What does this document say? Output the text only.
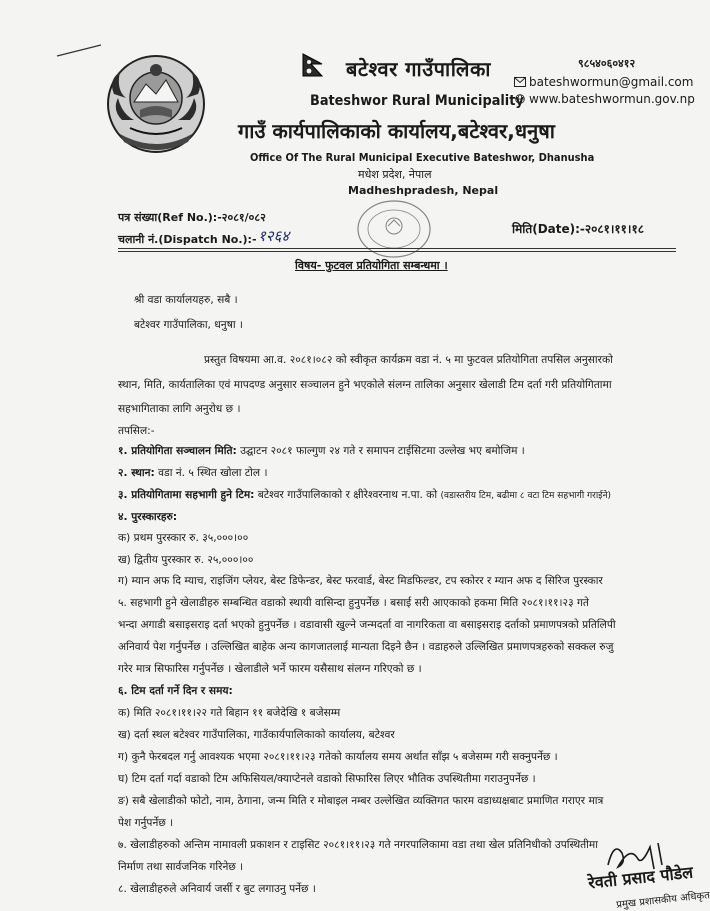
बटेश्वर गाउँपालिका
Bateshwor Rural Municipality
गाउँ कार्यपालिकाको कार्यालय,बटेश्वर,धनुषा
Office Of The Rural Municipal Executive Bateshwor, Dhanusha
मधेश प्रदेश, नेपाल
Madheshpradesh, Nepal
९८५४०६०४१२
bateshwormun@gmail.com
www.bateshwormun.gov.np
पत्र संख्या(Ref No.):-२०८१/०८२
चलानी नं.(Dispatch No.):- १२६४	मिति(Date):-२०८१।११।१८
विषय- फुटवल प्रतियोगिता सम्बन्धमा ।
श्री वडा कार्यालयहरु, सबै ।
बटेश्वर गाउँपालिका, धनुषा ।
प्रस्तुत विषयमा आ.व. २०८१।०८२ को स्वीकृत कार्यक्रम वडा नं. ५ मा फुटवल प्रतियोगिता तपसिल अनुसारको
स्थान, मिति, कार्यतालिका एवं मापदण्ड अनुसार सञ्चालन हुने भएकोले संलग्न तालिका अनुसार खेलाडी टिम दर्ता गरी प्रतियोगितामा
सहभागिताका लागि अनुरोध छ ।
तपसिल:-
१. प्रतियोगिता सञ्चालन मिति: उद्घाटन २०८१ फाल्गुण २४ गते र समापन टाईसिटमा उल्लेख भए बमोजिम ।
२. स्थान: वडा नं. ५ स्थित खोला टोल ।
३. प्रतियोगितामा सहभागी हुने टिम: बटेश्वर गाउँपालिकाको र क्षीरेश्वरनाथ न.पा. को (वडास्तरीय टिम, बढीमा ८ वटा टिम सहभागी गराईने)
४. पुरस्कारहरु:
क) प्रथम पुरस्कार रु. ३५,०००।००
ख) द्वितीय पुरस्कार रु. २५,०००।००
ग) म्यान अफ दि म्याच, राइजिंग प्लेयर, बेस्ट डिफेन्डर, बेस्ट फरवार्ड, बेस्ट मिडफिल्डर, टप स्कोरर र म्यान अफ द सिरिज पुरस्कार
५. सहभागी हुने खेलाडीहरु सम्बन्धित वडाको स्थायी वासिन्दा हुनुपर्नेछ । बसाई सरी आएकाको हकमा मिति २०८१।११।२३ गते
भन्दा अगाडी बसाइसराइ दर्ता भएको हुनुपर्नेछ । वडावासी खुल्ने जन्मदर्ता वा नागरिकता वा बसाइसराइ दर्ताको प्रमाणपत्रको प्रतिलिपी
अनिवार्य पेश गर्नुपर्नेछ । उल्लिखित बाहेक अन्य कागजातलाई मान्यता दिइने छैन । वडाहरुले उल्लिखित प्रमाणपत्रहरुको सक्कल रुजु
गरेर मात्र सिफारिस गर्नुपर्नेछ । खेलाडीले भर्ने फारम यसैसाथ संलग्न गरिएको छ ।
६. टिम दर्ता गर्ने दिन र समय:
क) मिति २०८१।११।२२ गते बिहान ११ बजेदेखि १ बजेसम्म
ख) दर्ता स्थल बटेश्वर गाउँपालिका, गाउँकार्यपालिकाको कार्यालय, बटेश्वर
ग) कुनै फेरबदल गर्नु आवश्यक भएमा २०८१।११।२३ गतेको कार्यालय समय अर्थात साँझ ५ बजेसम्म गरी सक्नुपर्नेछ ।
घ) टिम दर्ता गर्दा वडाको टिम अफिसियल/क्याप्टेनले वडाको सिफारिस लिएर भौतिक उपस्थितीमा गराउनुपर्नेछ ।
ङ) सबै खेलाडीको फोटो, नाम, ठेगाना, जन्म मिति र मोबाइल नम्बर उल्लेखित व्यक्तिगत फारम वडाध्यक्षबाट प्रमाणित गराएर मात्र
पेश गर्नुपर्नेछ ।
७. खेलाडीहरुको अन्तिम नामावली प्रकाशन र टाइसिट २०८१।११।२३ गते नगरपालिकामा वडा तथा खेल प्रतिनिधीको उपस्थितीमा
निर्माण तथा सार्वजनिक गरिनेछ ।
८. खेलाडीहरुले अनिवार्य जर्सी र बुट लगाउनु पर्नेछ ।	रेवती प्रसाद पौडेल
प्रमुख प्रशासकीय अधिकृत
